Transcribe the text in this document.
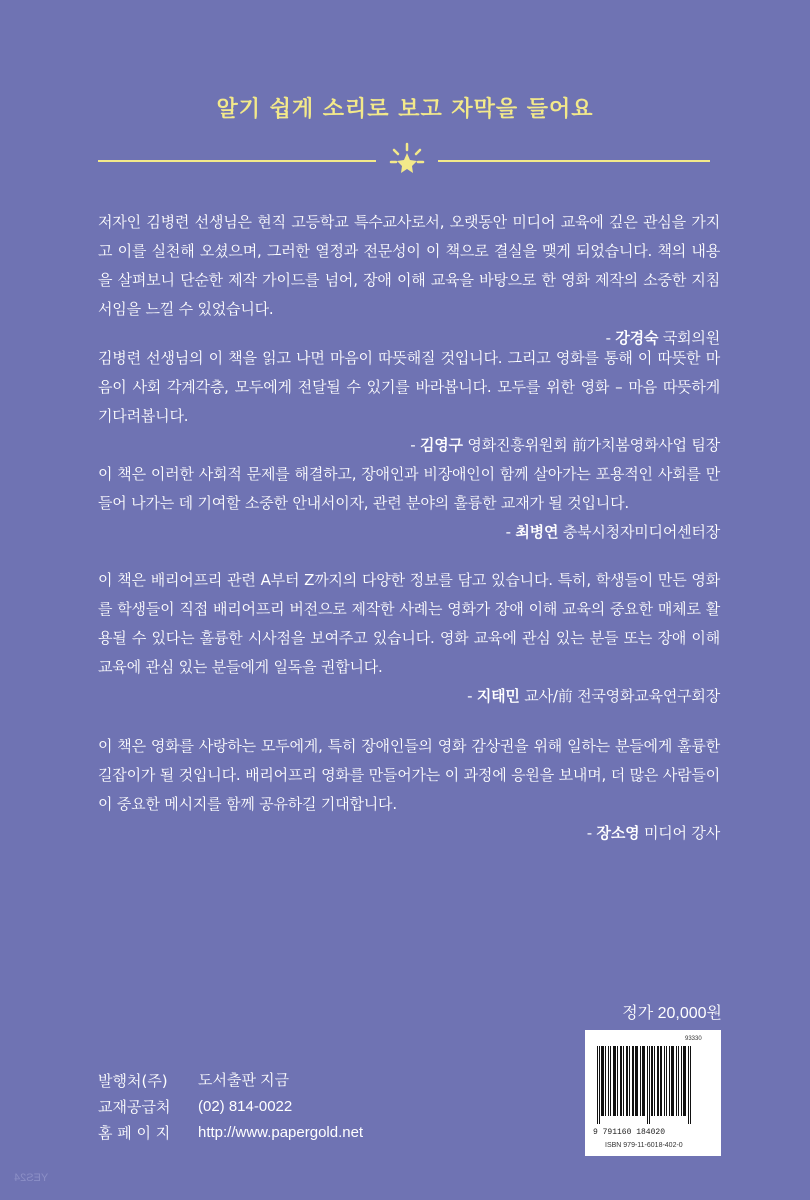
알기 쉽게 소리로 보고 자막을 들어요

저자인 김병련 선생님은 현직 고등학교 특수교사로서, 오랫동안 미디어 교육에 깊은 관심을 가지고 이를 실천해 오셨으며, 그러한 열정과 전문성이 이 책으로 결실을 맺게 되었습니다. 책의 내용을 살펴보니 단순한 제작 가이드를 넘어, 장애 이해 교육을 바탕으로 한 영화 제작의 소중한 지침서임을 느낄 수 있었습니다.

- 강경숙 국회의원

김병련 선생님의 이 책을 읽고 나면 마음이 따뜻해질 것입니다. 그리고 영화를 통해 이 따뜻한 마음이 사회 각계각층, 모두에게 전달될 수 있기를 바라봅니다. 모두를 위한 영화 – 마음 따뜻하게 기다려봅니다.

- 김영구 영화진흥위원회 前가치봄영화사업 팀장

이 책은 이러한 사회적 문제를 해결하고, 장애인과 비장애인이 함께 살아가는 포용적인 사회를 만들어 나가는 데 기여할 소중한 안내서이자, 관련 분야의 훌륭한 교재가 될 것입니다.

- 최병연 충북시청자미디어센터장

이 책은 배리어프리 관련 A부터 Z까지의 다양한 정보를 담고 있습니다. 특히, 학생들이 만든 영화를 학생들이 직접 배리어프리 버전으로 제작한 사례는 영화가 장애 이해 교육의 중요한 매체로 활용될 수 있다는 훌륭한 시사점을 보여주고 있습니다. 영화 교육에 관심 있는 분들 또는 장애 이해 교육에 관심 있는 분들에게 일독을 권합니다.

- 지태민 교사/前 전국영화교육연구회장

이 책은 영화를 사랑하는 모두에게, 특히 장애인들의 영화 감상권을 위해 일하는 분들에게 훌륭한 길잡이가 될 것입니다. 배리어프리 영화를 만들어가는 이 과정에 응원을 보내며, 더 많은 사람들이 이 중요한 메시지를 함께 공유하길 기대합니다.

- 장소영 미디어 강사
정가 20,000원
93330
9 791160 184020
ISBN 979-11-6018-402-0
발행처(주)	도서출판 지금
교재공급처	(02) 814-0022
홈 페 이 지	http://www.papergold.net
YES24
